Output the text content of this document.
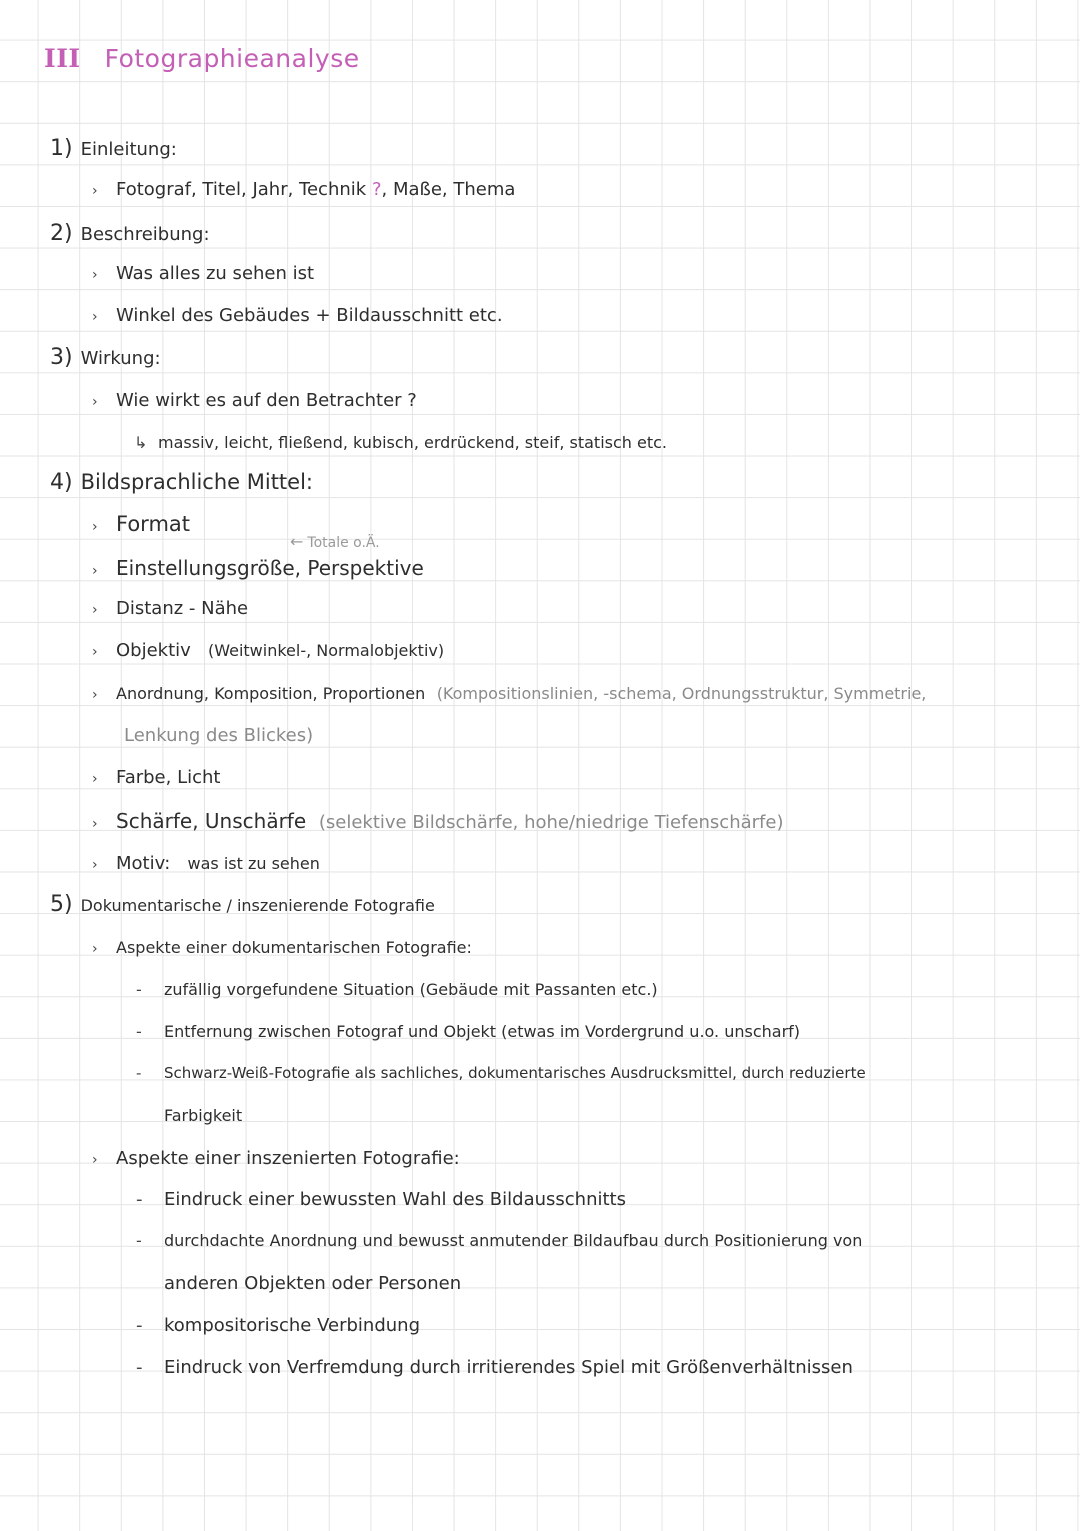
III Fotographieanalyse
1) Einleitung:
› Fotograf, Titel, Jahr, Technik ?, Maße, Thema
2) Beschreibung:
› Was alles zu sehen ist
› Winkel des Gebäudes + Bildausschnitt etc.
3) Wirkung:
› Wie wirkt es auf den Betrachter ?
↳ massiv, leicht, fließend, kubisch, erdrückend, steif, statisch etc.
4) Bildsprachliche Mittel:
› Format
← Totale o.Ä.
› Einstellungsgröße, Perspektive
› Distanz - Nähe
› Objektiv (Weitwinkel-, Normalobjektiv)
› Anordnung, Komposition, Proportionen (Kompositionslinien, -schema, Ordnungsstruktur, Symmetrie,
Lenkung des Blickes)
› Farbe, Licht
› Schärfe, Unschärfe (selektive Bildschärfe, hohe/niedrige Tiefenschärfe)
› Motiv: was ist zu sehen
5) Dokumentarische / inszenierende Fotografie
› Aspekte einer dokumentarischen Fotografie:
- zufällig vorgefundene Situation (Gebäude mit Passanten etc.)
- Entfernung zwischen Fotograf und Objekt (etwas im Vordergrund u.o. unscharf)
- Schwarz-Weiß-Fotografie als sachliches, dokumentarisches Ausdrucksmittel, durch reduzierte
Farbigkeit
› Aspekte einer inszenierten Fotografie:
- Eindruck einer bewussten Wahl des Bildausschnitts
- durchdachte Anordnung und bewusst anmutender Bildaufbau durch Positionierung von
anderen Objekten oder Personen
- kompositorische Verbindung
- Eindruck von Verfremdung durch irritierendes Spiel mit Größenverhältnissen
